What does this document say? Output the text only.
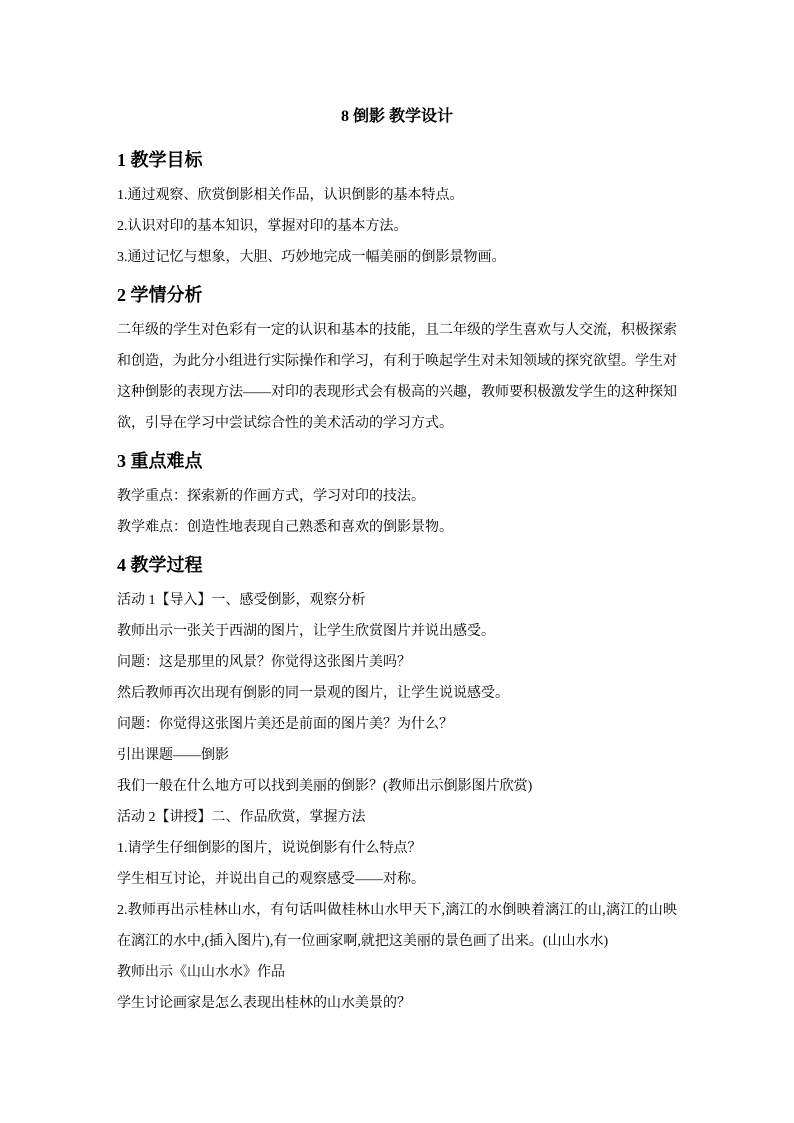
8 倒影 教学设计
1 教学目标
1.通过观察、欣赏倒影相关作品，认识倒影的基本特点。
2.认识对印的基本知识，掌握对印的基本方法。
3.通过记忆与想象，大胆、巧妙地完成一幅美丽的倒影景物画。
2 学情分析
二年级的学生对色彩有一定的认识和基本的技能，且二年级的学生喜欢与人交流，积极探索
和创造，为此分小组进行实际操作和学习，有利于唤起学生对未知领域的探究欲望。学生对
这种倒影的表现方法——对印的表现形式会有极高的兴趣，教师要积极激发学生的这种探知
欲，引导在学习中尝试综合性的美术活动的学习方式。
3 重点难点
教学重点：探索新的作画方式，学习对印的技法。
教学难点：创造性地表现自己熟悉和喜欢的倒影景物。
4 教学过程
活动 1【导入】一、感受倒影，观察分析
教师出示一张关于西湖的图片，让学生欣赏图片并说出感受。
问题：这是那里的风景？你觉得这张图片美吗？
然后教师再次出现有倒影的同一景观的图片，让学生说说感受。
问题：你觉得这张图片美还是前面的图片美？为什么？
引出课题——倒影
我们一般在什么地方可以找到美丽的倒影？(教师出示倒影图片欣赏)
活动 2【讲授】二、作品欣赏，掌握方法
1.请学生仔细倒影的图片，说说倒影有什么特点？
学生相互讨论，并说出自己的观察感受——对称。
2.教师再出示桂林山水，有句话叫做桂林山水甲天下,漓江的水倒映着漓江的山,漓江的山映
在漓江的水中,(插入图片),有一位画家啊,就把这美丽的景色画了出来。(山山水水)
教师出示《山山水水》作品
学生讨论画家是怎么表现出桂林的山水美景的？
